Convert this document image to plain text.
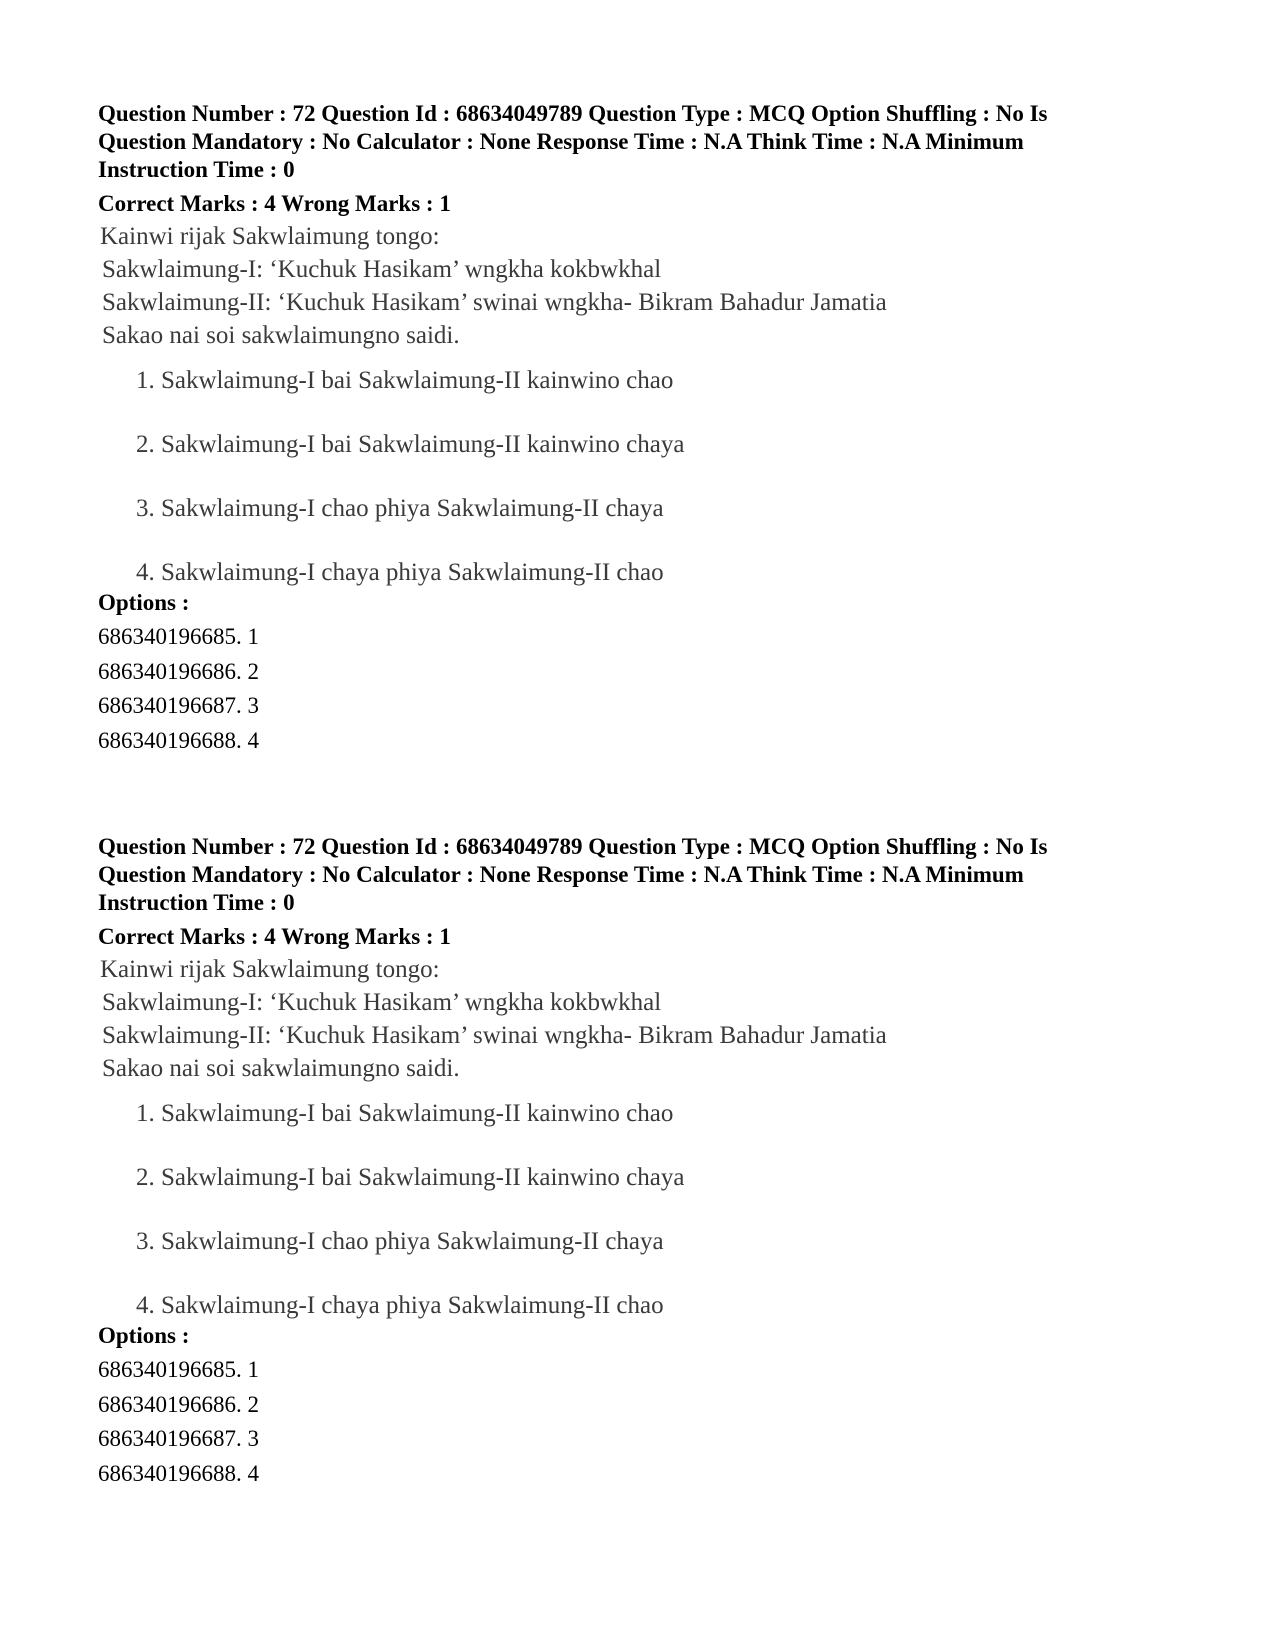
Question Number : 72 Question Id : 68634049789 Question Type : MCQ Option Shuffling : No Is
Question Mandatory : No Calculator : None Response Time : N.A Think Time : N.A Minimum
Instruction Time : 0
Correct Marks : 4 Wrong Marks : 1
Kainwi rijak Sakwlaimung tongo:
Sakwlaimung-I: ‘Kuchuk Hasikam’ wngkha kokbwkhal
Sakwlaimung-II: ‘Kuchuk Hasikam’ swinai wngkha- Bikram Bahadur Jamatia
Sakao nai soi sakwlaimungno saidi.
1. Sakwlaimung-I bai Sakwlaimung-II kainwino chao
2. Sakwlaimung-I bai Sakwlaimung-II kainwino chaya
3. Sakwlaimung-I chao phiya Sakwlaimung-II chaya
4. Sakwlaimung-I chaya phiya Sakwlaimung-II chao
Options :
686340196685. 1
686340196686. 2
686340196687. 3
686340196688. 4
Question Number : 72 Question Id : 68634049789 Question Type : MCQ Option Shuffling : No Is
Question Mandatory : No Calculator : None Response Time : N.A Think Time : N.A Minimum
Instruction Time : 0
Correct Marks : 4 Wrong Marks : 1
Kainwi rijak Sakwlaimung tongo:
Sakwlaimung-I: ‘Kuchuk Hasikam’ wngkha kokbwkhal
Sakwlaimung-II: ‘Kuchuk Hasikam’ swinai wngkha- Bikram Bahadur Jamatia
Sakao nai soi sakwlaimungno saidi.
1. Sakwlaimung-I bai Sakwlaimung-II kainwino chao
2. Sakwlaimung-I bai Sakwlaimung-II kainwino chaya
3. Sakwlaimung-I chao phiya Sakwlaimung-II chaya
4. Sakwlaimung-I chaya phiya Sakwlaimung-II chao
Options :
686340196685. 1
686340196686. 2
686340196687. 3
686340196688. 4
